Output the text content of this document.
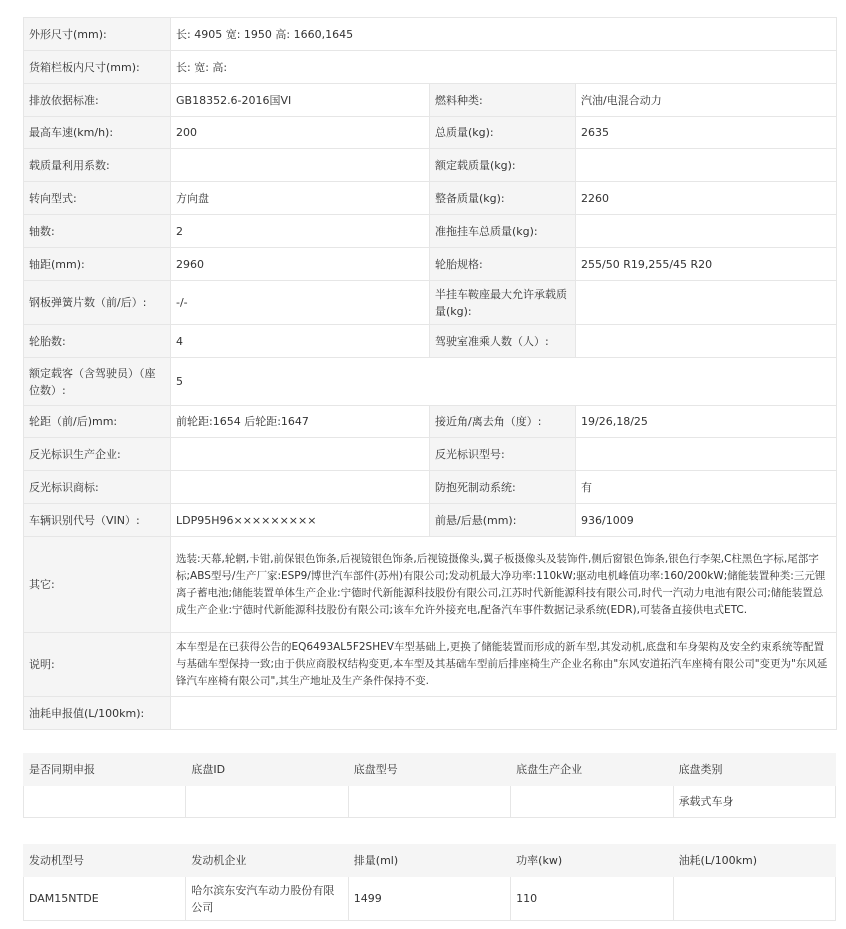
外形尺寸(mm):	长: 4905 宽: 1950 高: 1660,1645		
货箱栏板内尺寸(mm):	长: 宽: 高:		
排放依据标准:	GB18352.6-2016国VI	燃料种类:	汽油/电混合动力
最高车速(km/h):	200	总质量(kg):	2635
载质量利用系数:		额定载质量(kg):	
转向型式:	方向盘	整备质量(kg):	2260
轴数:	2	准拖挂车总质量(kg):	
轴距(mm):	2960	轮胎规格:	255/50 R19,255/45 R20
钢板弹簧片数（前/后）:	-/-	半挂车鞍座最大允许承载质量(kg):	
轮胎数:	4	驾驶室准乘人数（人）:	
额定载客（含驾驶员）（座位数）:	5		
轮距（前/后)mm:	前轮距:1654 后轮距:1647	接近角/离去角（度）:	19/26,18/25
反光标识生产企业:		反光标识型号:	
反光标识商标:		防抱死制动系统:	有
车辆识别代号（VIN）:	LDP95H96×××××××××	前悬/后悬(mm):	936/1009
其它:	选装:天幕,轮辋,卡钳,前保银色饰条,后视镜银色饰条,后视镜摄像头,翼子板摄像头及装饰件,侧后窗银色饰条,银色行李架,C柱黑色字标,尾部字标;ABS型号/生产厂家:ESP9/博世汽车部件(苏州)有限公司;发动机最大净功率:110kW;驱动电机峰值功率:160/200kW;储能装置种类:三元锂离子蓄电池;储能装置单体生产企业:宁德时代新能源科技股份有限公司,江苏时代新能源科技有限公司,时代一汽动力电池有限公司;储能装置总成生产企业:宁德时代新能源科技股份有限公司;该车允许外接充电,配备汽车事件数据记录系统(EDR),可装备直接供电式ETC.		
说明:	本车型是在已获得公告的EQ6493AL5F2SHEV车型基础上,更换了储能装置而形成的新车型,其发动机,底盘和车身架构及安全约束系统等配置与基础车型保持一致;由于供应商股权结构变更,本车型及其基础车型前后排座椅生产企业名称由"东风安道拓汽车座椅有限公司"变更为"东风延锋汽车座椅有限公司",其生产地址及生产条件保持不变.		
油耗申报值(L/100km):			
是否同期申报	底盘ID	底盘型号	底盘生产企业	底盘类别
				承载式车身
发动机型号	发动机企业	排量(ml)	功率(kw)	油耗(L/100km)
DAM15NTDE	哈尔滨东安汽车动力股份有限公司	1499	110	
